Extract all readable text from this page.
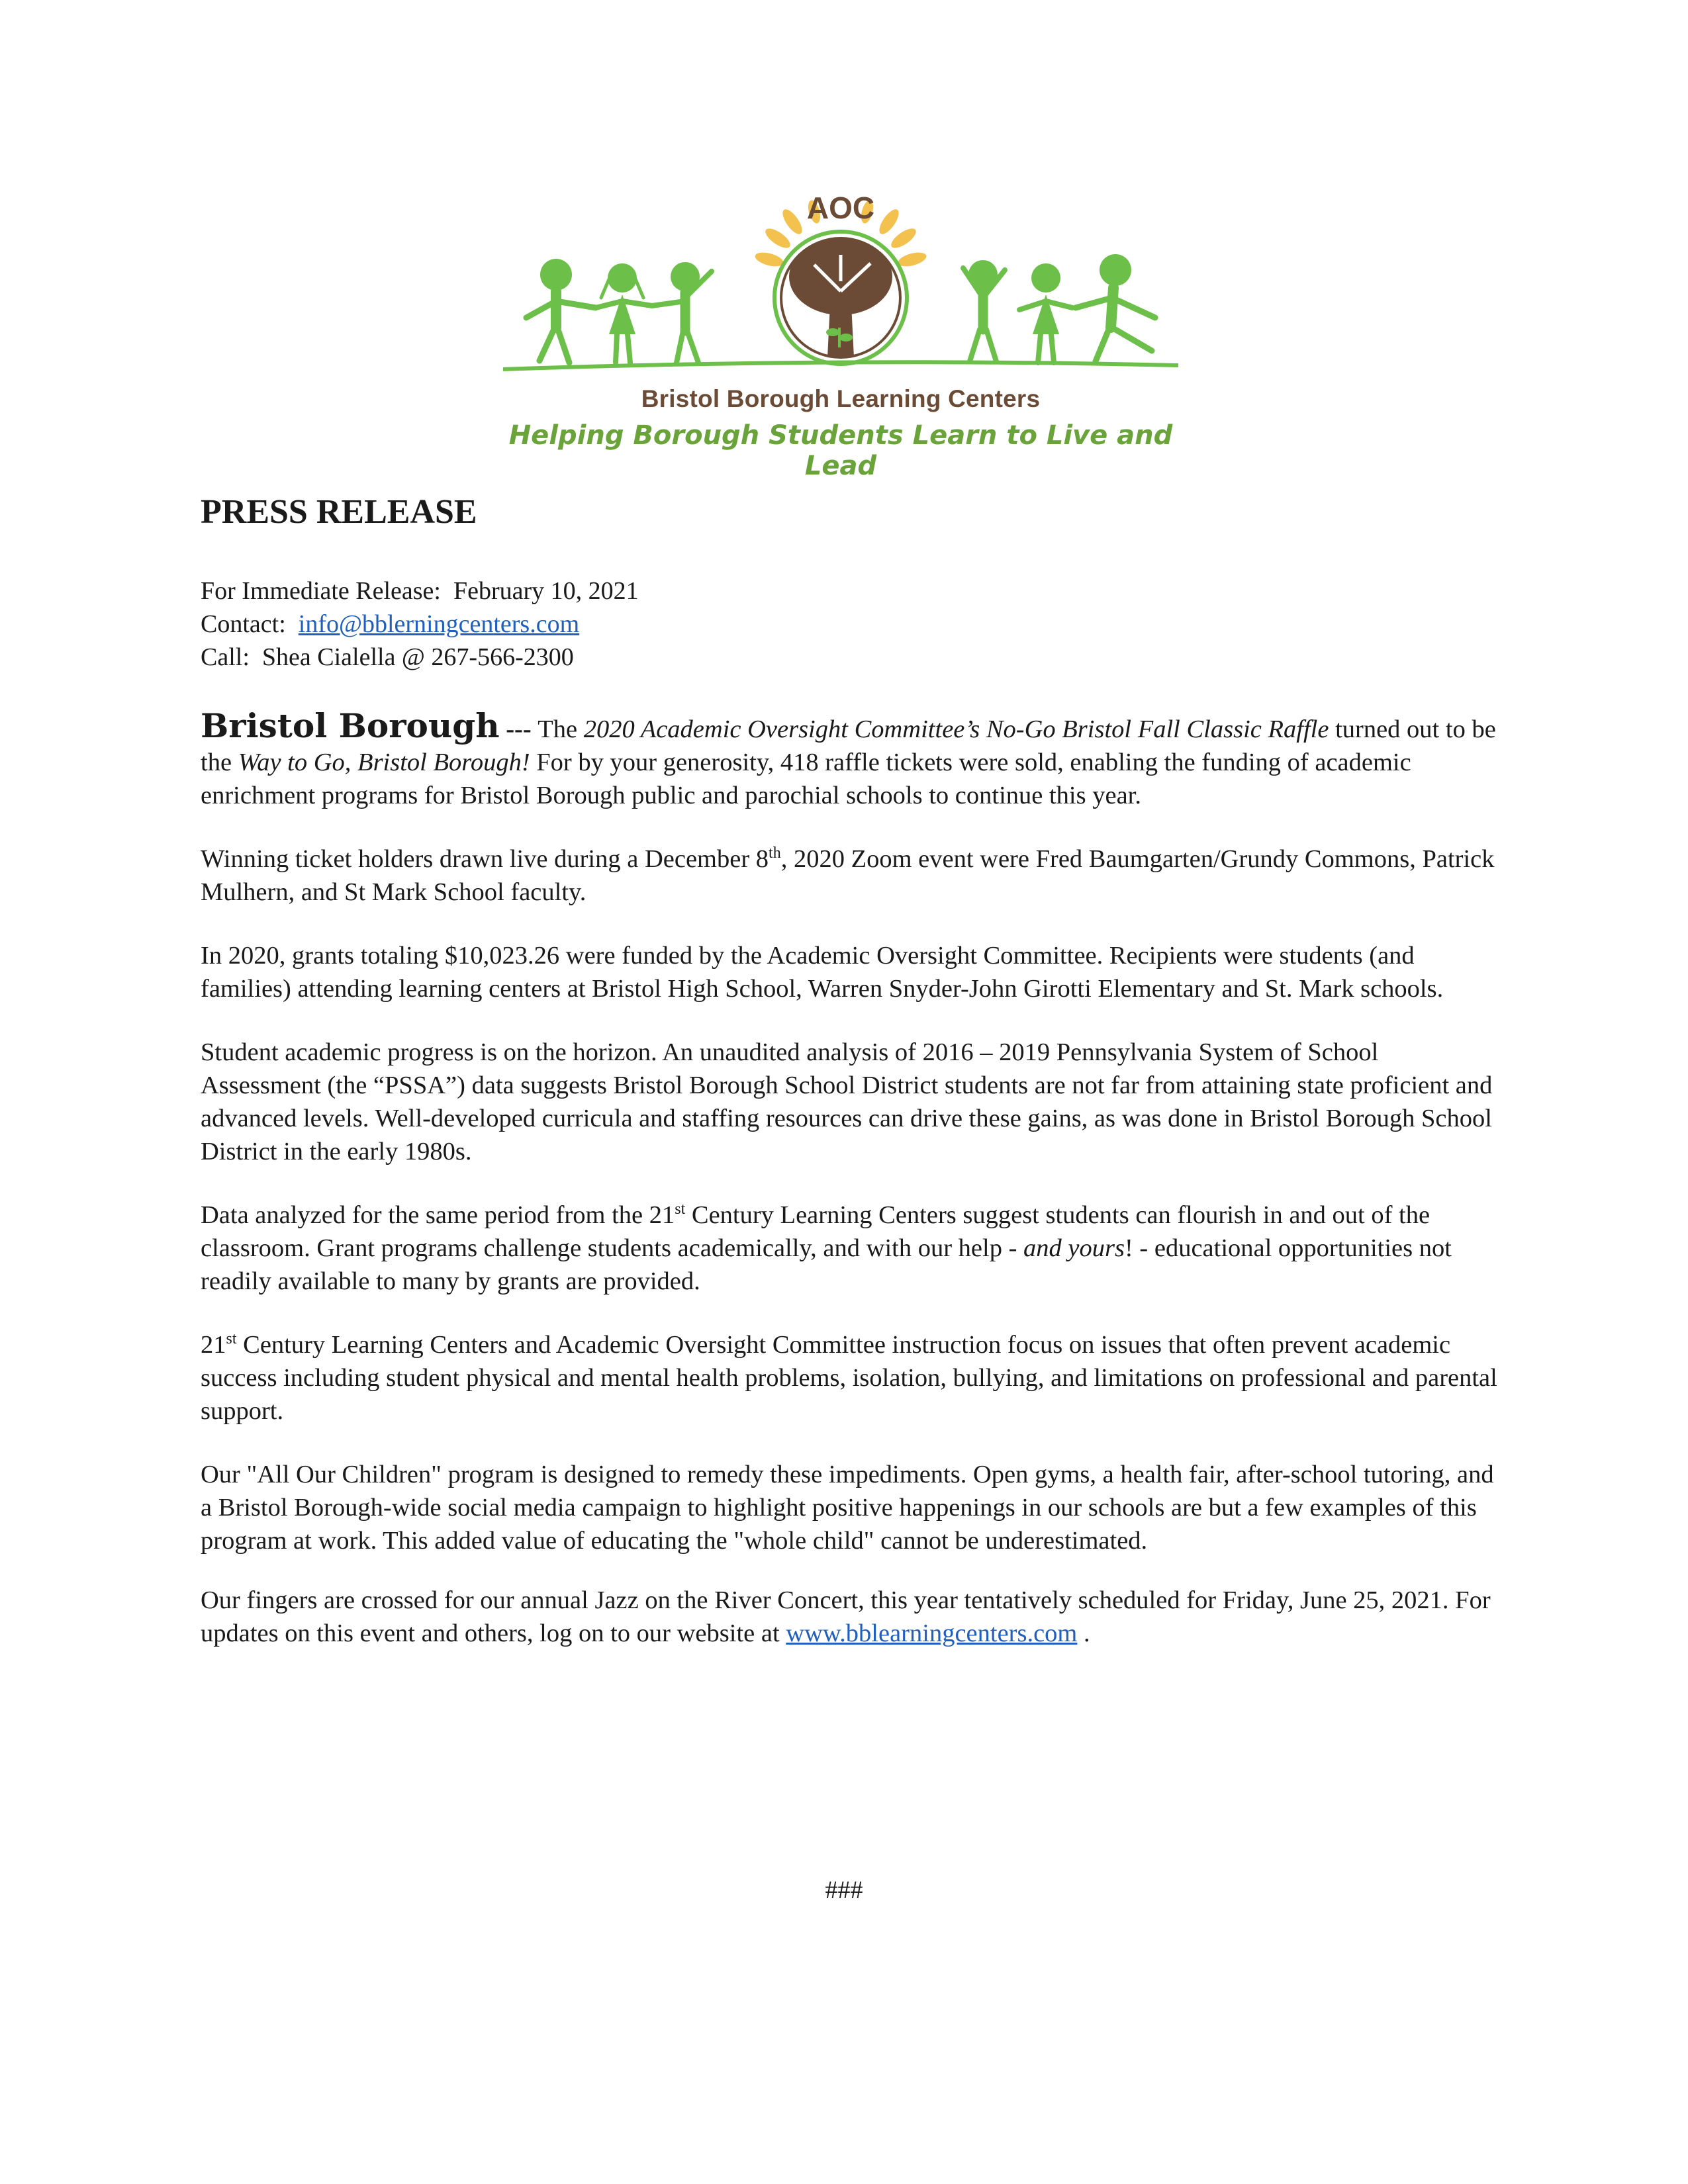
AOC
Bristol Borough Learning Centers
Helping Borough Students Learn to Live and Lead
PRESS RELEASE
For Immediate Release: February 10, 2021
Contact: info@bblerningcenters.com
Call: Shea Cialella @ 267-566-2300

Bristol Borough --- The 2020 Academic Oversight Committee’s No-Go Bristol Fall Classic Raffle turned out to be the Way to Go, Bristol Borough! For by your generosity, 418 raffle tickets were sold, enabling the funding of academic enrichment programs for Bristol Borough public and parochial schools to continue this year.

Winning ticket holders drawn live during a December 8th, 2020 Zoom event were Fred Baumgarten/Grundy Commons, Patrick Mulhern, and St Mark School faculty.

In 2020, grants totaling $10,023.26 were funded by the Academic Oversight Committee. Recipients were students (and families) attending learning centers at Bristol High School, Warren Snyder-John Girotti Elementary and St. Mark schools.

Student academic progress is on the horizon. An unaudited analysis of 2016 – 2019 Pennsylvania System of School Assessment (the “PSSA”) data suggests Bristol Borough School District students are not far from attaining state proficient and advanced levels. Well-developed curricula and staffing resources can drive these gains, as was done in Bristol Borough School District in the early 1980s.

Data analyzed for the same period from the 21st Century Learning Centers suggest students can flourish in and out of the classroom. Grant programs challenge students academically, and with our help - and yours! - educational opportunities not readily available to many by grants are provided.

21st Century Learning Centers and Academic Oversight Committee instruction focus on issues that often prevent academic success including student physical and mental health problems, isolation, bullying, and limitations on professional and parental support.

Our "All Our Children" program is designed to remedy these impediments. Open gyms, a health fair, after-school tutoring, and a Bristol Borough-wide social media campaign to highlight positive happenings in our schools are but a few examples of this program at work. This added value of educating the "whole child" cannot be underestimated.

Our fingers are crossed for our annual Jazz on the River Concert, this year tentatively scheduled for Friday, June 25, 2021. For updates on this event and others, log on to our website at www.bblearningcenters.com .

###
